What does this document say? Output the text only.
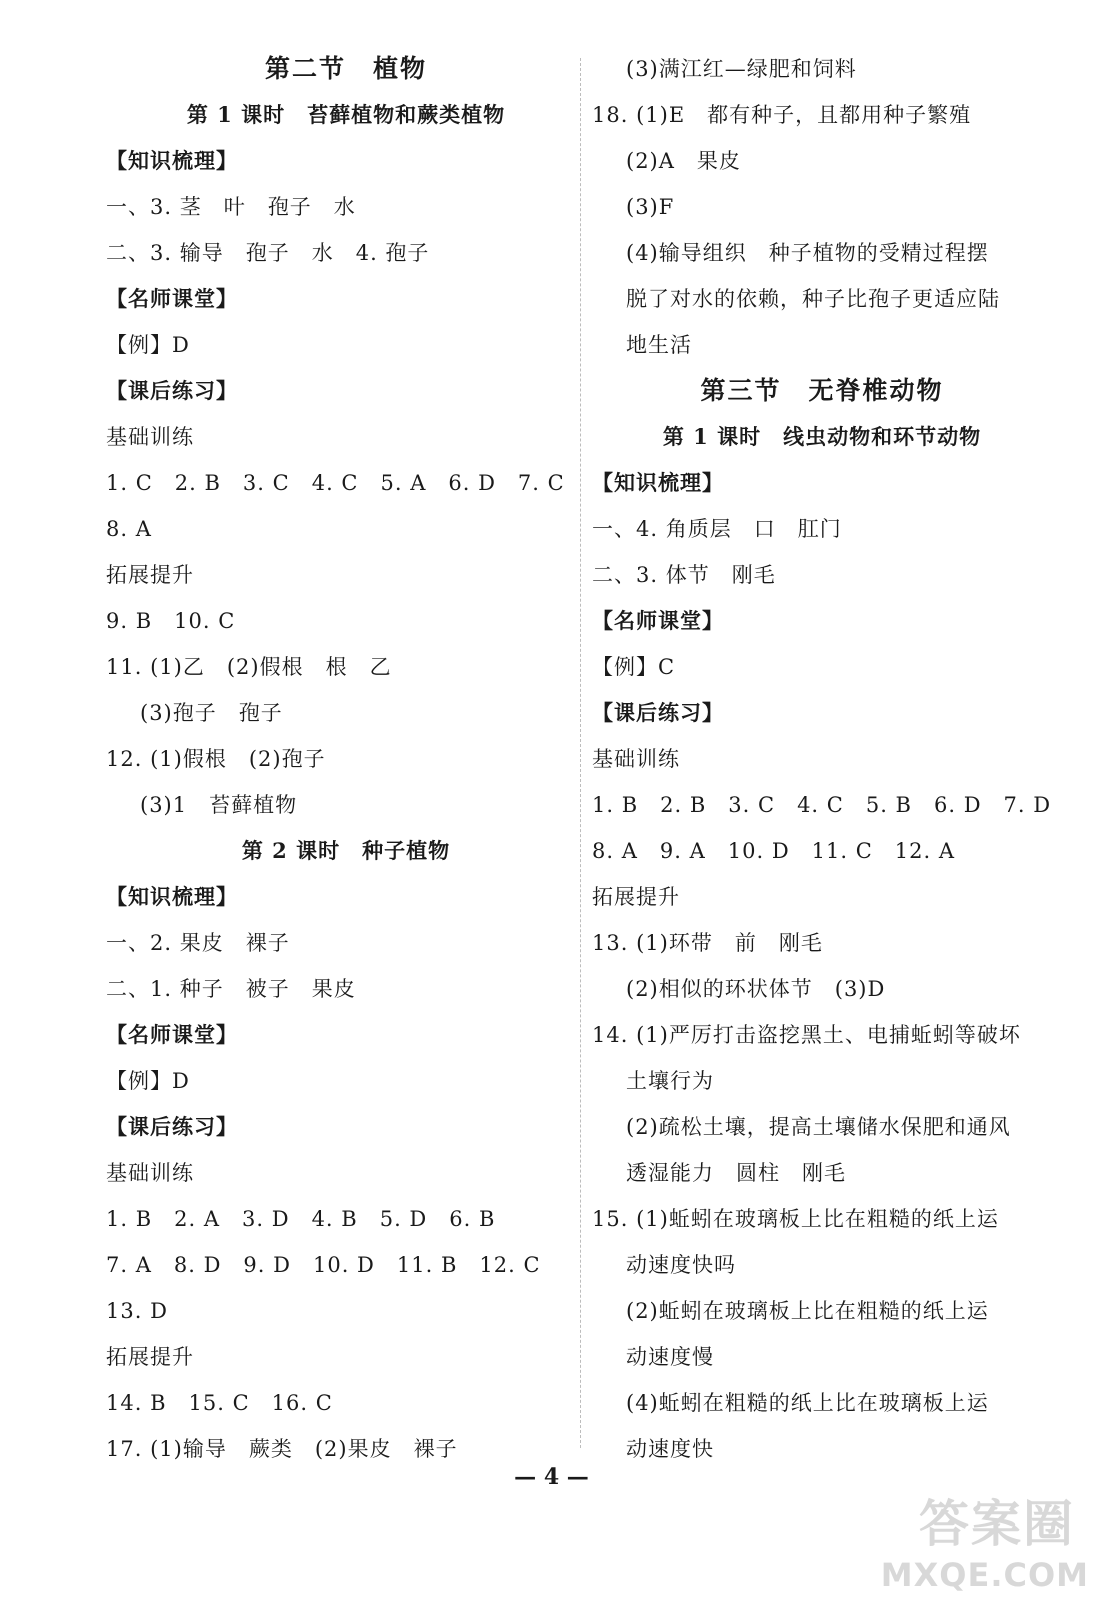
第二节　植物
第 1 课时　苔藓植物和蕨类植物
【知识梳理】
一、3. 茎　叶　孢子　水
二、3. 输导　孢子　水　4. 孢子
【名师课堂】
【例】D
【课后练习】
基础训练
1. C　2. B　3. C　4. C　5. A　6. D　7. C
8. A
拓展提升
9. B　10. C
11. (1)乙　(2)假根　根　乙
(3)孢子　孢子
12. (1)假根　(2)孢子
(3)1　苔藓植物
第 2 课时　种子植物
【知识梳理】
一、2. 果皮　裸子
二、1. 种子　被子　果皮
【名师课堂】
【例】D
【课后练习】
基础训练
1. B　2. A　3. D　4. B　5. D　6. B
7. A　8. D　9. D　10. D　11. B　12. C
13. D
拓展提升
14. B　15. C　16. C
17. (1)输导　蕨类　(2)果皮　裸子
(3)满江红—绿肥和饲料
18. (1)E　都有种子，且都用种子繁殖
(2)A　果皮
(3)F
(4)输导组织　种子植物的受精过程摆
脱了对水的依赖，种子比孢子更适应陆
地生活
第三节　无脊椎动物
第 1 课时　线虫动物和环节动物
【知识梳理】
一、4. 角质层　口　肛门
二、3. 体节　刚毛
【名师课堂】
【例】C
【课后练习】
基础训练
1. B　2. B　3. C　4. C　5. B　6. D　7. D
8. A　9. A　10. D　11. C　12. A
拓展提升
13. (1)环带　前　刚毛
(2)相似的环状体节　(3)D
14. (1)严厉打击盗挖黑土、电捕蚯蚓等破坏
土壤行为
(2)疏松土壤，提高土壤储水保肥和通风
透湿能力　圆柱　刚毛
15. (1)蚯蚓在玻璃板上比在粗糙的纸上运
动速度快吗
(2)蚯蚓在玻璃板上比在粗糙的纸上运
动速度慢
(4)蚯蚓在粗糙的纸上比在玻璃板上运
动速度快
— 4 —
答案圈
MXQE.COM
